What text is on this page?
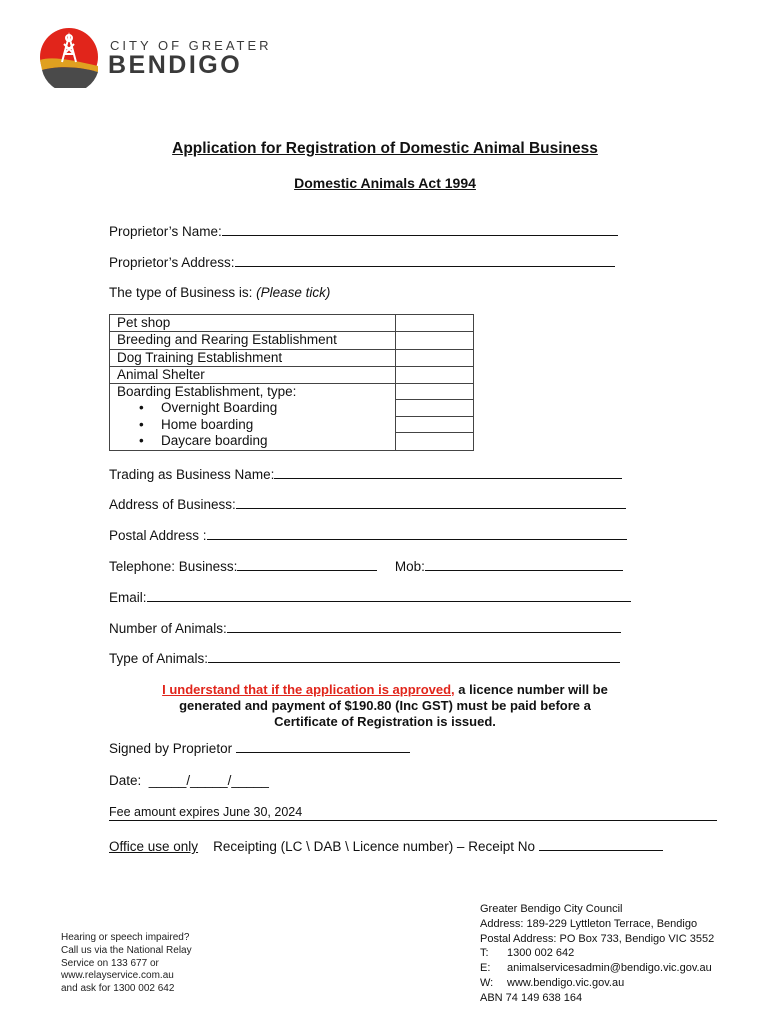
CITY OF GREATER
BENDIGO
Application for Registration of Domestic Animal Business
Domestic Animals Act 1994
Proprietor’s Name:
Proprietor’s Address:
The type of Business is: (Please tick)
Pet shop	

Breeding and Rearing Establishment	

Dog Training Establishment	

Animal Shelter	

Boarding Establishment, type:
• Overnight Boarding
• Home boarding
• Daycare boarding

Trading as Business Name:
Address of Business:
Postal Address :
Telephone: Business:	Mob:
Email:
Number of Animals:
Type of Animals:
I understand that if the application is approved, a licence number will be
generated and payment of $190.80 (Inc GST) must be paid before a
Certificate of Registration is issued.
Signed by Proprietor
Date: _____/_____/_____
Fee amount expires June 30, 2024
Office use only Receipting (LC \ DAB \ Licence number) – Receipt No
Hearing or speech impaired?
Call us via the National Relay
Service on 133 677 or
www.relayservice.com.au
and ask for 1300 002 642
Greater Bendigo City Council
Address: 189-229 Lyttleton Terrace, Bendigo
Postal Address: PO Box 733, Bendigo VIC 3552
T: 1300 002 642
E: animalservicesadmin@bendigo.vic.gov.au
W: www.bendigo.vic.gov.au
ABN 74 149 638 164
